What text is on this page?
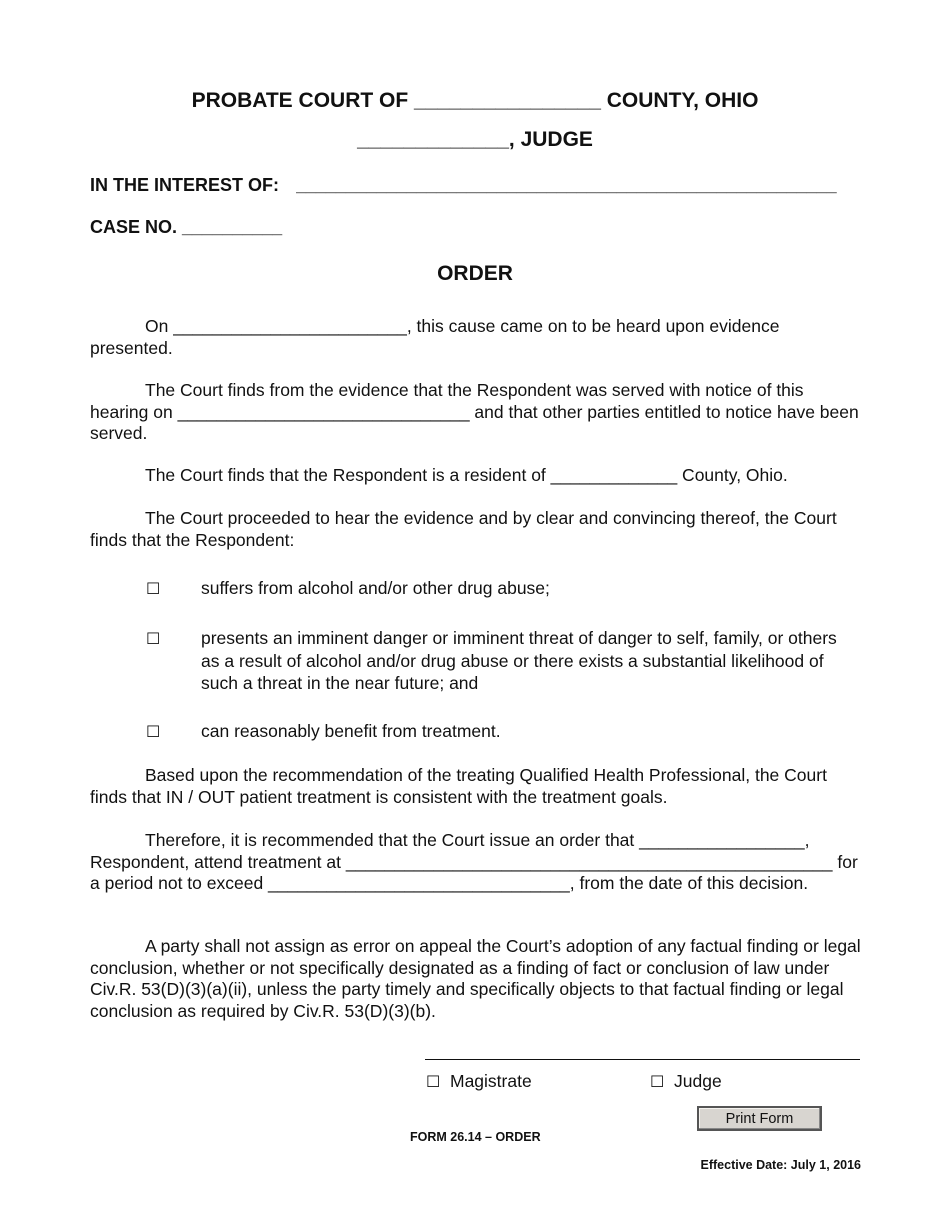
PROBATE COURT OF ________________ COUNTY, OHIO
_____________, JUDGE
IN THE INTEREST OF: ______________________________________________________
CASE NO. __________
ORDER
On ________________________, this cause came on to be heard upon evidence presented.
The Court finds from the evidence that the Respondent was served with notice of this hearing on ______________________________ and that other parties entitled to notice have been served.
The Court finds that the Respondent is a resident of _____________ County, Ohio.
The Court proceeded to hear the evidence and by clear and convincing thereof, the Court finds that the Respondent:
☐ suffers from alcohol and/or other drug abuse;
☐ presents an imminent danger or imminent threat of danger to self, family, or others as a result of alcohol and/or drug abuse or there exists a substantial likelihood of such a threat in the near future; and
☐ can reasonably benefit from treatment.
Based upon the recommendation of the treating Qualified Health Professional, the Court finds that IN / OUT patient treatment is consistent with the treatment goals.
Therefore, it is recommended that the Court issue an order that _________________, Respondent, attend treatment at __________________________________________________ for a period not to exceed _______________________________, from the date of this decision.
A party shall not assign as error on appeal the Court’s adoption of any factual finding or legal conclusion, whether or not specifically designated as a finding of fact or conclusion of law under Civ.R. 53(D)(3)(a)(ii), unless the party timely and specifically objects to that factual finding or legal conclusion as required by Civ.R. 53(D)(3)(b).
☐ Magistrate	☐ Judge
Print Form
FORM 26.14 – ORDER
Effective Date: July 1, 2016
